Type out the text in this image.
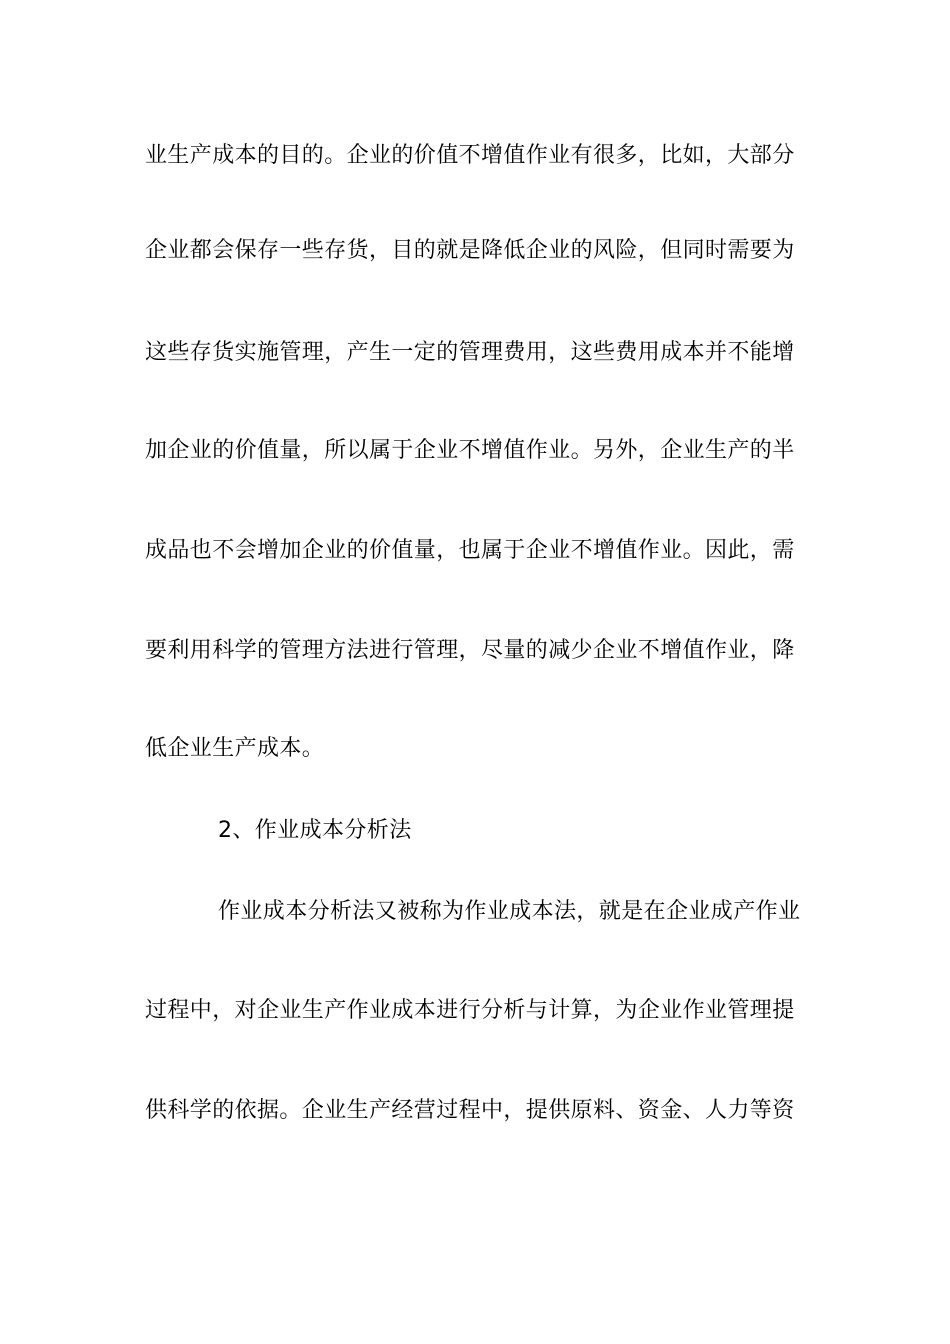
业生产成本的目的。企业的价值不增值作业有很多，比如，大部分
企业都会保存一些存货，目的就是降低企业的风险，但同时需要为
这些存货实施管理，产生一定的管理费用，这些费用成本并不能增
加企业的价值量，所以属于企业不增值作业。另外，企业生产的半
成品也不会增加企业的价值量，也属于企业不增值作业。因此，需
要利用科学的管理方法进行管理，尽量的减少企业不增值作业，降
低企业生产成本。
2、作业成本分析法
作业成本分析法又被称为作业成本法，就是在企业成产作业
过程中，对企业生产作业成本进行分析与计算，为企业作业管理提
供科学的依据。企业生产经营过程中，提供原料、资金、人力等资
